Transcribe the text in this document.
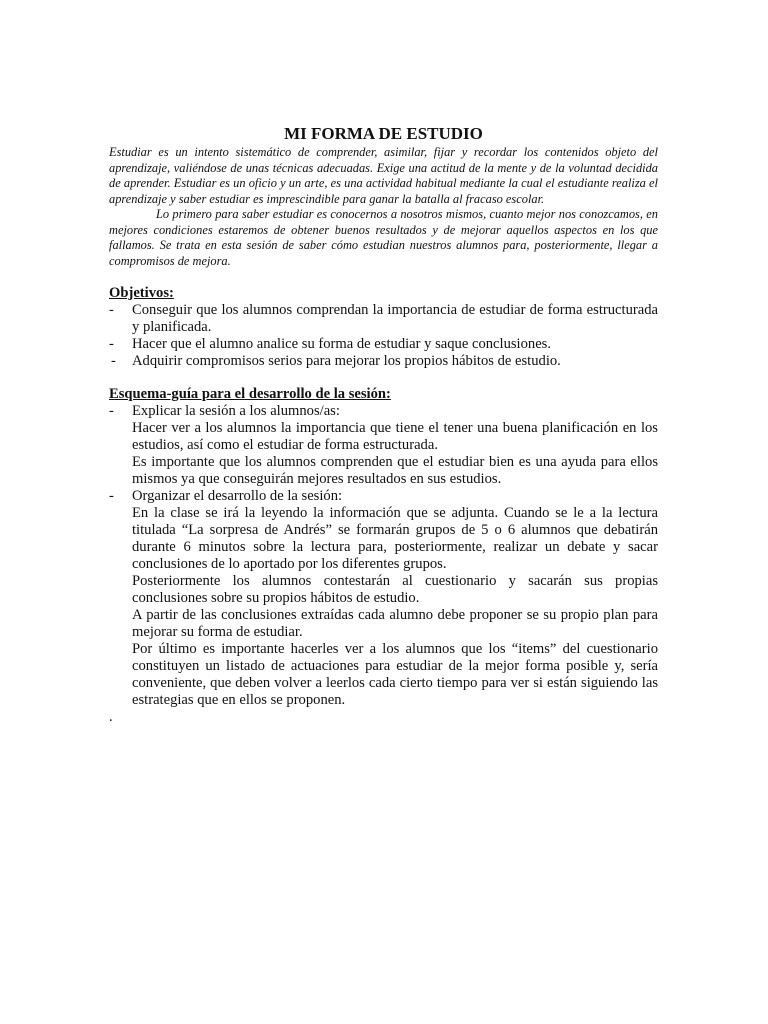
MI FORMA DE ESTUDIO

Estudiar es un intento sistemático de comprender, asimilar, fijar y recordar los contenidos objeto del aprendizaje, valiéndose de unas técnicas adecuadas. Exige una actitud de la mente y de la voluntad decidida de aprender. Estudiar es un oficio y un arte, es una actividad habitual mediante la cual el estudiante realiza el aprendizaje y saber estudiar es imprescindible para ganar la batalla al fracaso escolar.

Lo primero para saber estudiar es conocernos a nosotros mismos, cuanto mejor nos conozcamos, en mejores condiciones estaremos de obtener buenos resultados y de mejorar aquellos aspectos en los que fallamos. Se trata en esta sesión de saber cómo estudian nuestros alumnos para, posteriormente, llegar a compromisos de mejora.

Objetivos:

- Conseguir que los alumnos comprendan la importancia de estudiar de forma estructurada y planificada.
- Hacer que el alumno analice su forma de estudiar y saque conclusiones.
- Adquirir compromisos serios para mejorar los propios hábitos de estudio.

Esquema-guía para el desarrollo de la sesión:

- Explicar la sesión a los alumnos/as:
Hacer ver a los alumnos la importancia que tiene el tener una buena planificación en los estudios, así como el estudiar de forma estructurada.
Es importante que los alumnos comprenden que el estudiar bien es una ayuda para ellos mismos ya que conseguirán mejores resultados en sus estudios.
- Organizar el desarrollo de la sesión:
En la clase se irá la leyendo la información que se adjunta. Cuando se le a la lectura titulada “La sorpresa de Andrés” se formarán grupos de 5 o 6 alumnos que debatirán durante 6 minutos sobre la lectura para, posteriormente, realizar un debate y sacar conclusiones de lo aportado por los diferentes grupos.
Posteriormente los alumnos contestarán al cuestionario y sacarán sus propias conclusiones sobre su propios hábitos de estudio.
A partir de las conclusiones extraídas cada alumno debe proponer se su propio plan para mejorar su forma de estudiar.
Por último es importante hacerles ver a los alumnos que los “items” del cuestionario constituyen un listado de actuaciones para estudiar de la mejor forma posible y, sería conveniente, que deben volver a leerlos cada cierto tiempo para ver si están siguiendo las estrategias que en ellos se proponen.

.
